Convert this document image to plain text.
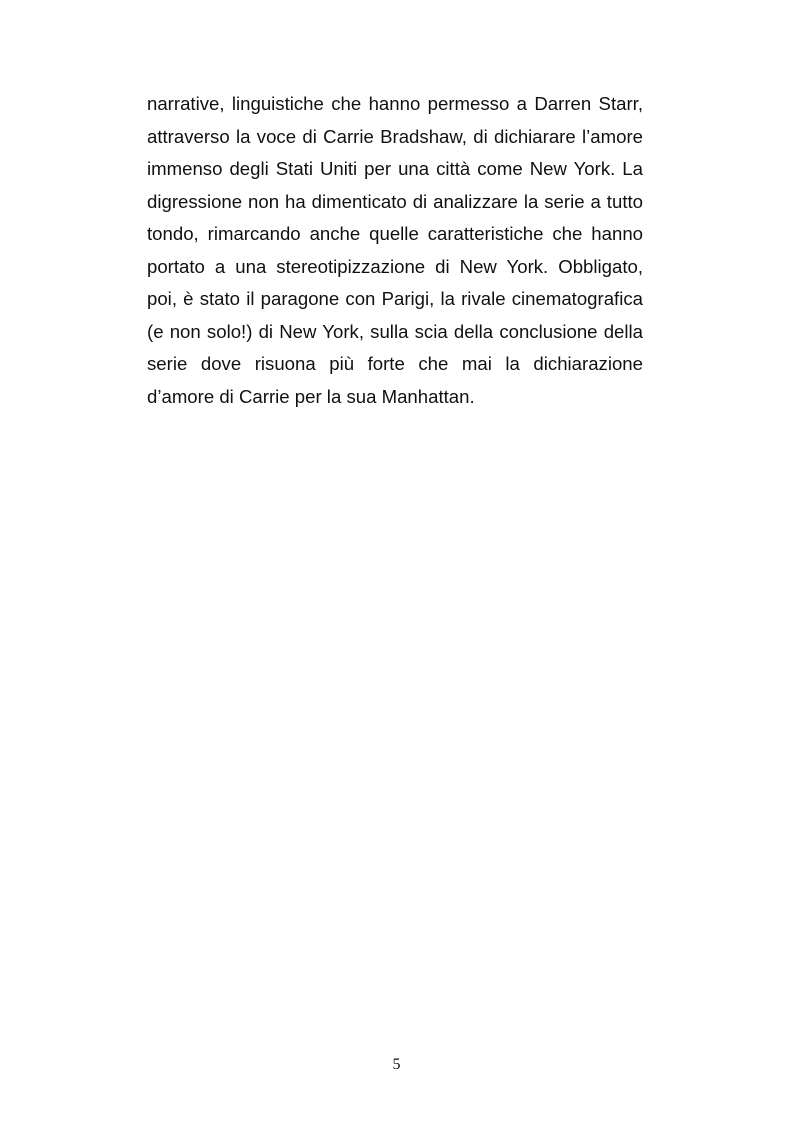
narrative, linguistiche che hanno permesso a Darren Starr,
attraverso la voce di Carrie Bradshaw, di dichiarare l’amore
immenso degli Stati Uniti per una città come New York. La
digressione non ha dimenticato di analizzare la serie a tutto
tondo, rimarcando anche quelle caratteristiche che hanno
portato a una stereotipizzazione di New York. Obbligato,
poi, è stato il paragone con Parigi, la rivale cinematografica
(e non solo!) di New York, sulla scia della conclusione della
serie dove risuona più forte che mai la dichiarazione
d’amore di Carrie per la sua Manhattan.
5
